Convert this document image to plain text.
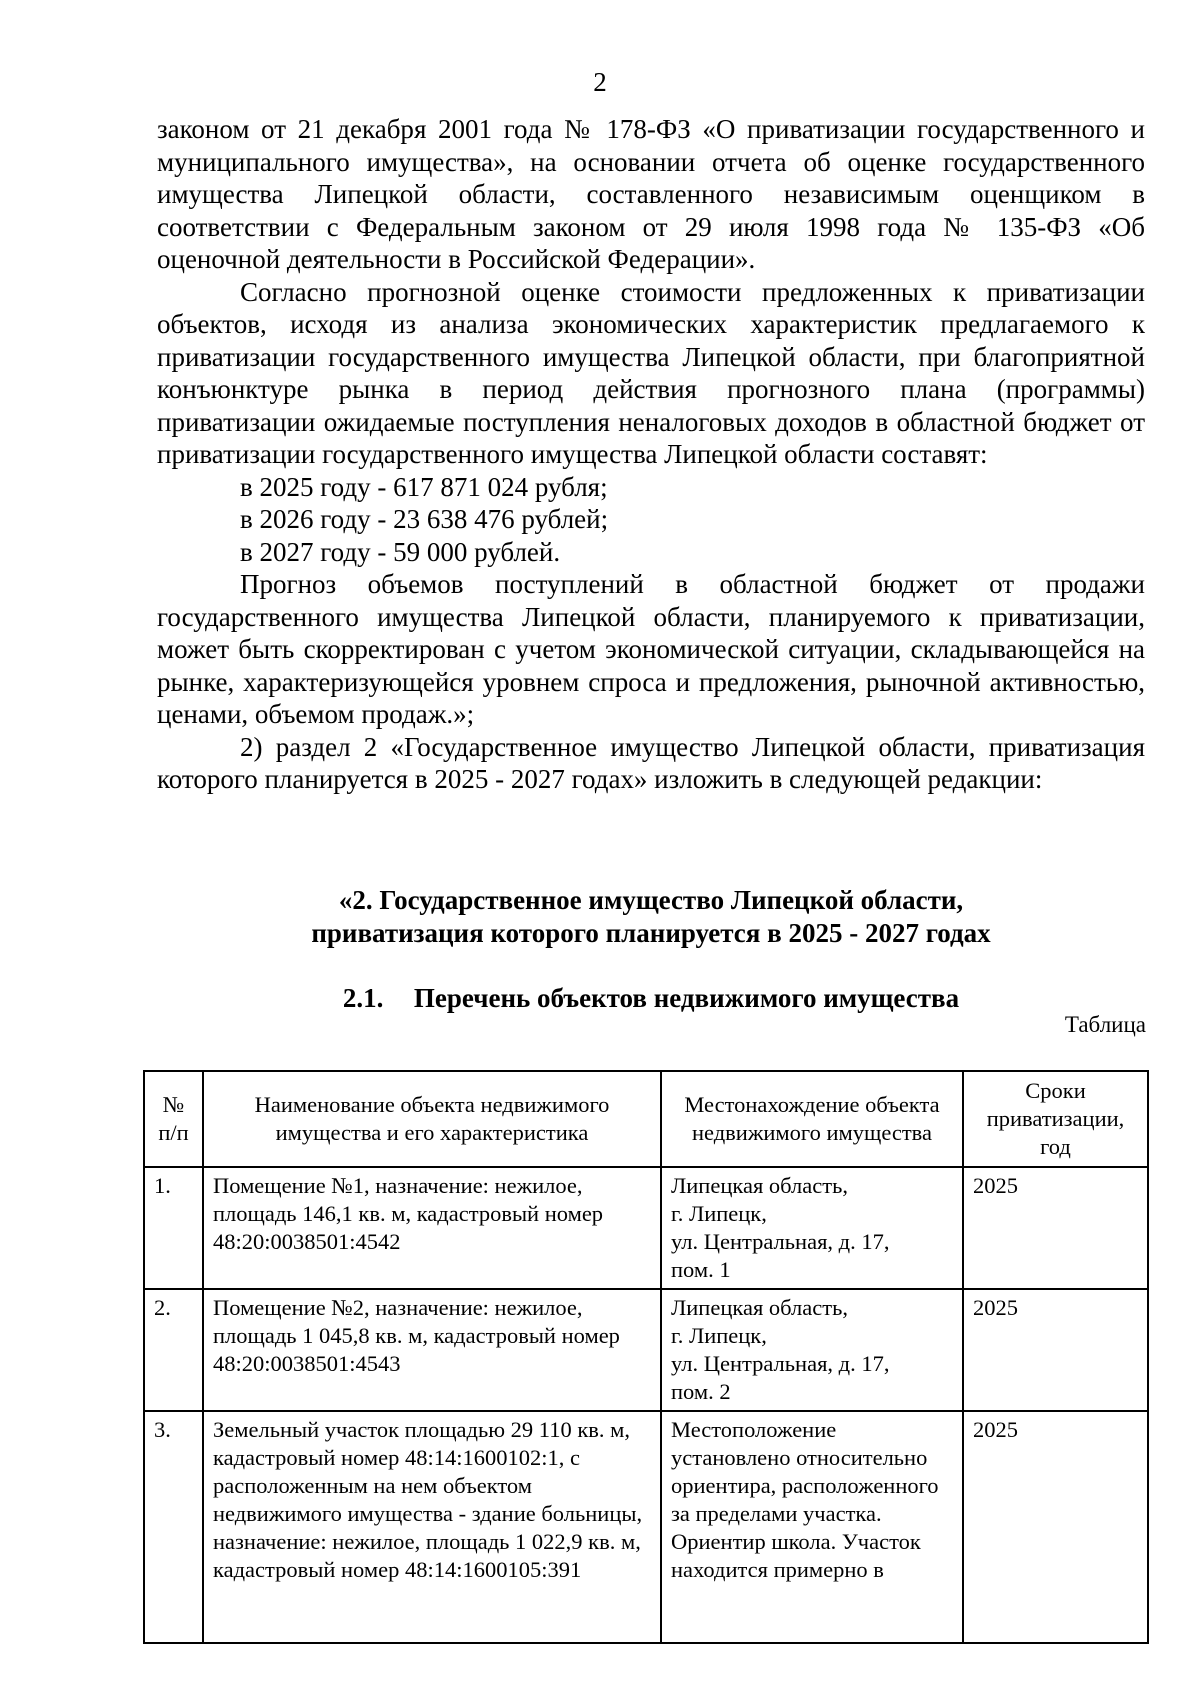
2

законом от 21 декабря 2001 года № 178-ФЗ «О приватизации государственного и муниципального имущества», на основании отчета об оценке государственного имущества Липецкой области, составленного независимым оценщиком в соответствии с Федеральным законом от 29 июля 1998 года № 135-ФЗ «Об оценочной деятельности в Российской Федерации».

Согласно прогнозной оценке стоимости предложенных к приватизации объектов, исходя из анализа экономических характеристик предлагаемого к приватизации государственного имущества Липецкой области, при благоприятной конъюнктуре рынка в период действия прогнозного плана (программы) приватизации ожидаемые поступления неналоговых доходов в областной бюджет от приватизации государственного имущества Липецкой области составят:

в 2025 году - 617 871 024 рубля;

в 2026 году - 23 638 476 рублей;

в 2027 году - 59 000 рублей.

Прогноз объемов поступлений в областной бюджет от продажи государственного имущества Липецкой области, планируемого к приватизации, может быть скорректирован с учетом экономической ситуации, складывающейся на рынке, характеризующейся уровнем спроса и предложения, рыночной активностью, ценами, объемом продаж.»;

2) раздел 2 «Государственное имущество Липецкой области, приватизация которого планируется в 2025 - 2027 годах» изложить в следующей редакции:

«2. Государственное имущество Липецкой области,
приватизация которого планируется в 2025 - 2027 годах
2.1. Перечень объектов недвижимого имущества
Таблица
№ п/п	Наименование объекта недвижимого имущества и его характеристика	Местонахождение объекта недвижимого имущества	Сроки приватизации, год
1.	Помещение №1, назначение: нежилое, площадь 146,1 кв. м, кадастровый номер 48:20:0038501:4542	Липецкая область,
г. Липецк,
ул. Центральная, д. 17,
пом. 1	2025
2.	Помещение №2, назначение: нежилое, площадь 1 045,8 кв. м, кадастровый номер 48:20:0038501:4543	Липецкая область,
г. Липецк,
ул. Центральная, д. 17,
пом. 2	2025
3.	Земельный участок площадью 29 110 кв. м, кадастровый номер 48:14:1600102:1, с расположенным на нем объектом недвижимого имущества - здание больницы, назначение: нежилое, площадь 1 022,9 кв. м, кадастровый номер 48:14:1600105:391	Местоположение установлено относительно ориентира, расположенного за пределами участка. Ориентир школа. Участок находится примерно в	2025
